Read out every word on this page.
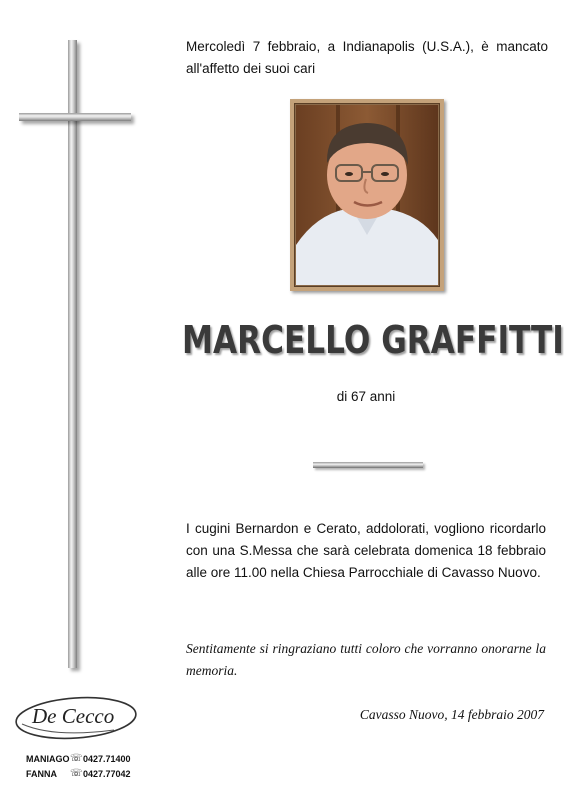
Mercoledì 7 febbraio, a Indianapolis (U.S.A.), è mancato all'affetto dei suoi cari
MARCELLO GRAFFITTI
di 67 anni
I cugini Bernardon e Cerato, addolorati, vogliono ricordarlo con una S.Messa che sarà celebrata domenica 18 febbraio alle ore 11.00 nella Chiesa Parrocchiale di Cavasso Nuovo.
Sentitamente si ringraziano tutti coloro che vorranno onorarne la memoria.
Cavasso Nuovo, 14 febbraio 2007
De Cecco
MANIAGO ☏ 0427.71400
FANNA ☏ 0427.77042
